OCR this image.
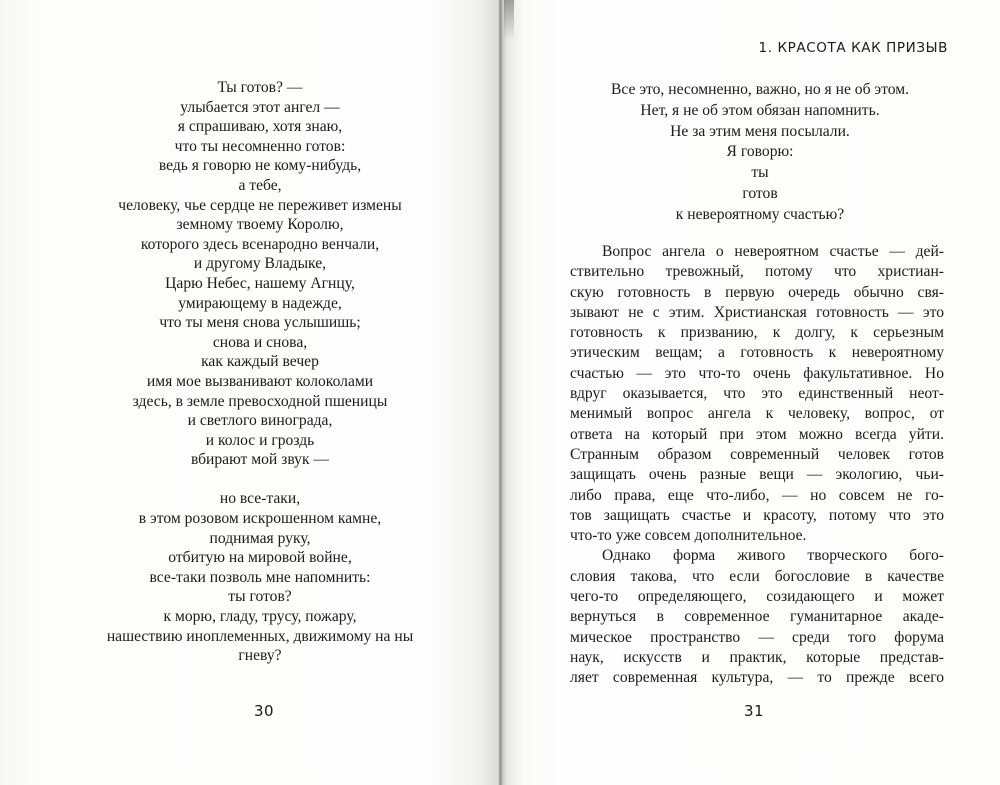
Ты готов? —
улыбается этот ангел —
я спрашиваю, хотя знаю,
что ты несомненно готов:
ведь я говорю не кому-нибудь,
а тебе,
человеку, чье сердце не переживет измены
земному твоему Королю,
которого здесь всенародно венчали,
и другому Владыке,
Царю Небес, нашему Агнцу,
умирающему в надежде,
что ты меня снова услышишь;
снова и снова,
как каждый вечер
имя мое вызванивают колоколами
здесь, в земле превосходной пшеницы
и светлого винограда,
и колос и гроздь
вбирают мой звук —
но все-таки,
в этом розовом искрошенном камне,
поднимая руку,
отбитую на мировой войне,
все-таки позволь мне напомнить:
ты готов?
к морю, гладу, трусу, пожару,
нашествию иноплеменных, движимому на ны
гневу?
30
1. КРАСОТА КАК ПРИЗЫВ
Все это, несомненно, важно, но я не об этом.
Нет, я не об этом обязан напомнить.
Не за этим меня посылали.
Я говорю:
ты
готов
к невероятному счастью?
Вопрос ангела о невероятном счастье — дей-
ствительно тревожный, потому что христиан-
скую готовность в первую очередь обычно свя-
зывают не с этим. Христианская готовность — это
готовность к призванию, к долгу, к серьезным
этическим вещам; а готовность к невероятному
счастью — это что-то очень факультативное. Но
вдруг оказывается, что это единственный неот-
менимый вопрос ангела к человеку, вопрос, от
ответа на который при этом можно всегда уйти.
Странным образом современный человек готов
защищать очень разные вещи — экологию, чьи-
либо права, еще что-либо, — но совсем не го-
тов защищать счастье и красоту, потому что это
что-то уже совсем дополнительное.
Однако форма живого творческого бого-
словия такова, что если богословие в качестве
чего-то определяющего, созидающего и может
вернуться в современное гуманитарное акаде-
мическое пространство — среди того форума
наук, искусств и практик, которые представ-
ляет современная культура, — то прежде всего
31
